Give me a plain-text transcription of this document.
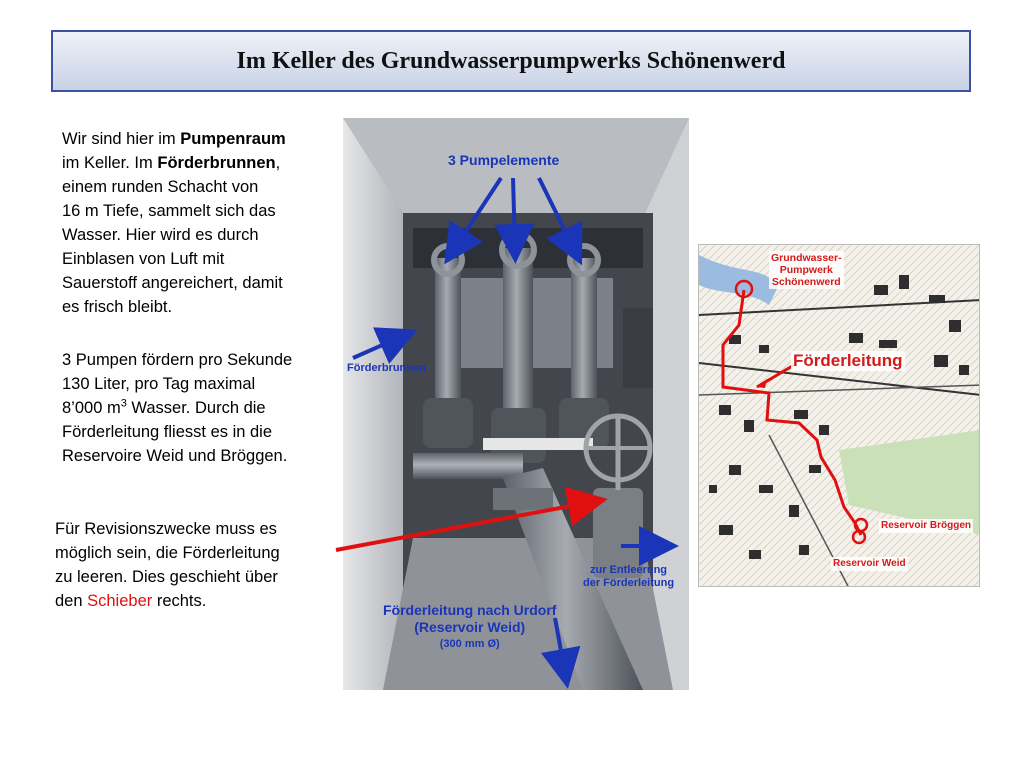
Im Keller des Grundwasserpumpwerks Schönenwerd
Wir sind hier im Pumpenraum
im Keller. Im Förderbrunnen,
einem runden Schacht von
16 m Tiefe, sammelt sich das
Wasser. Hier wird es durch
Einblasen von Luft mit
Sauerstoff angereichert, damit
es frisch bleibt.
3 Pumpen fördern pro Sekunde
130 Liter, pro Tag maximal
8’000 $m^3$ Wasser. Durch die
Förderleitung fliesst es in die
Reservoire Weid und Bröggen.
Für Revisionszwecke muss es
möglich sein, die Förderleitung
zu leeren. Dies geschieht über
den Schieber rechts.
3 Pumpelemente
Förderbrunnen
zur Entleerung
der Förderleitung
Förderleitung nach Urdorf
(Reservoir Weid)
(300 mm Ø)
Grundwasser-
Pumpwerk
Schönenwerd
Förderleitung
Reservoir Bröggen
Reservoir Weid
